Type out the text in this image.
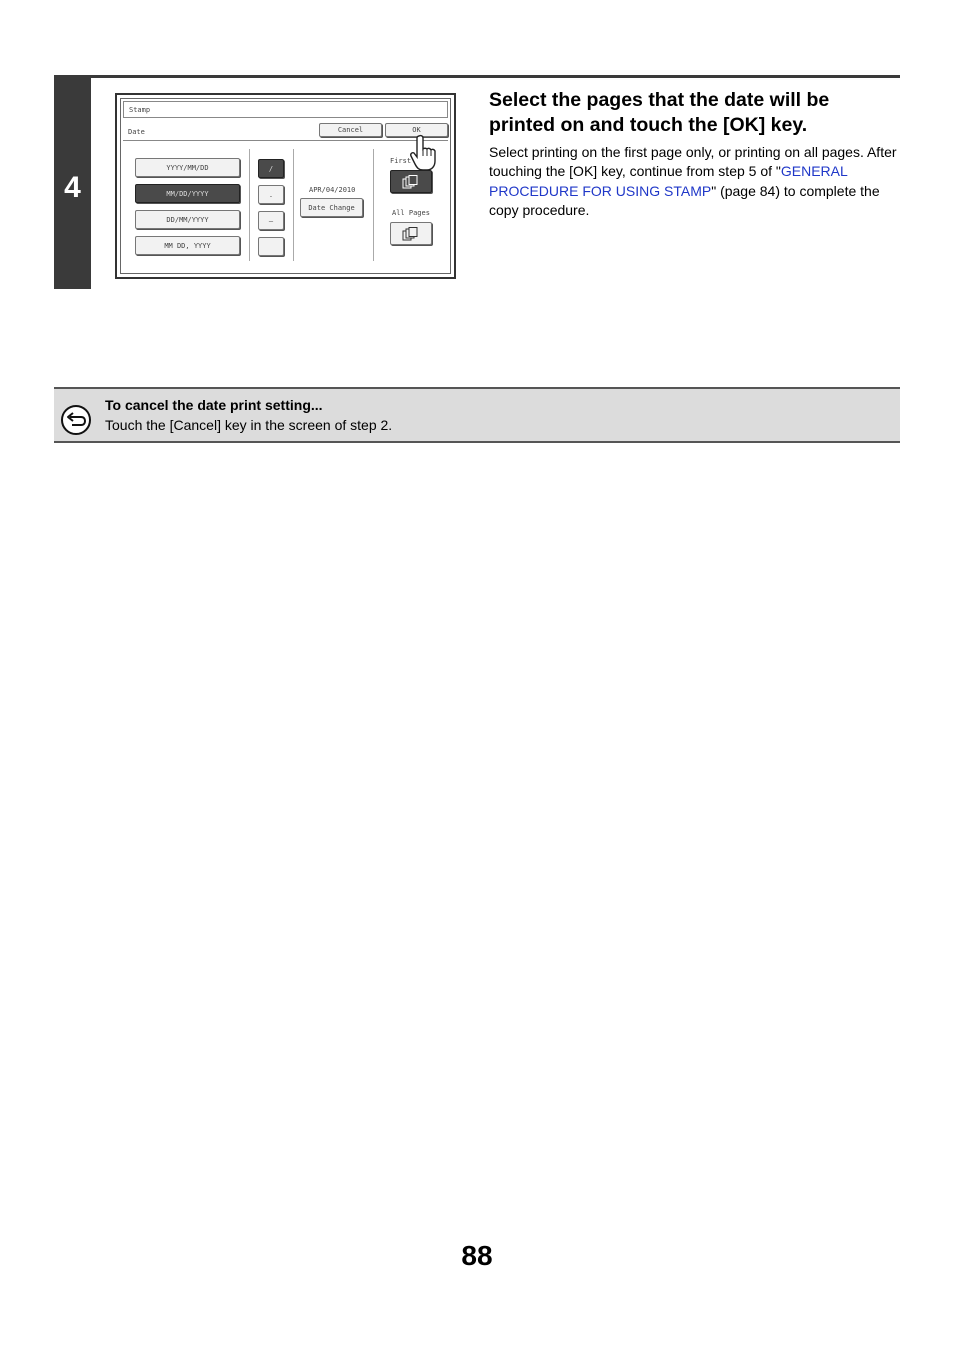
4
Stamp
Date	Cancel	OK
YYYY/MM/DD
MM/DD/YYYY
DD/MM/YYYY
MM DD, YYYY
/
.
–
APR/04/2010
Date Change
First
All Pages
Select the pages that the date will be printed on and touch the [OK] key.
Select printing on the first page only, or printing on all pages. After touching the [OK] key, continue from step 5 of "GENERAL PROCEDURE FOR USING STAMP" (page 84) to complete the copy procedure.
To cancel the date print setting...
Touch the [Cancel] key in the screen of step 2.
88
